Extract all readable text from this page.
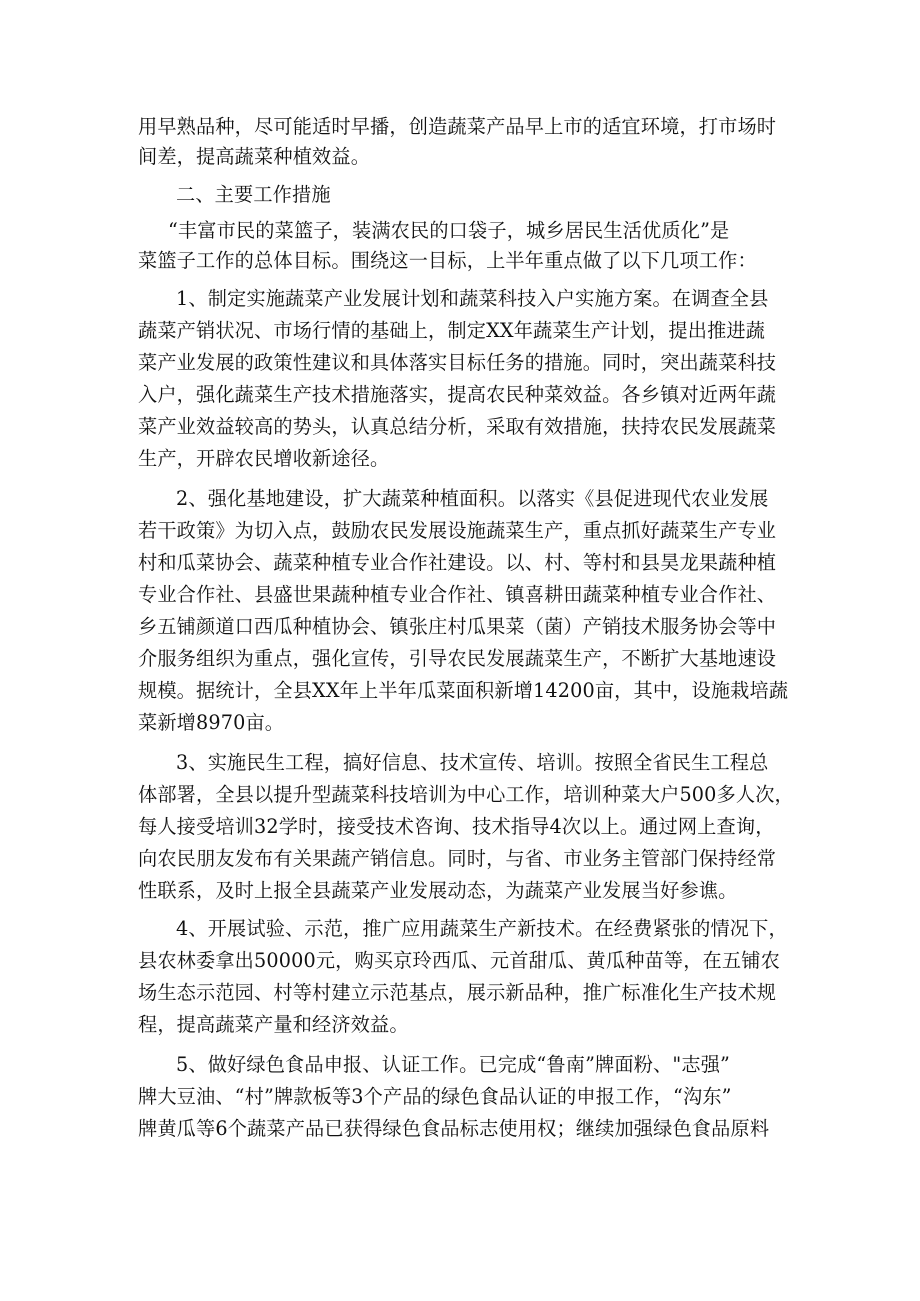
用早熟品种，尽可能适时早播，创造蔬菜产品早上市的适宜环境，打市场时
间差，提高蔬菜种植效益。
二、主要工作措施
“丰富市民的菜篮子，装满农民的口袋子，城乡居民生活优质化”是
菜篮子工作的总体目标。围绕这一目标，上半年重点做了以下几项工作：
1、制定实施蔬菜产业发展计划和蔬菜科技入户实施方案。在调查全县
蔬菜产销状况、市场行情的基础上，制定XX年蔬菜生产计划，提出推进蔬
菜产业发展的政策性建议和具体落实目标任务的措施。同时，突出蔬菜科技
入户，强化蔬菜生产技术措施落实，提高农民种菜效益。各乡镇对近两年蔬
菜产业效益较高的势头，认真总结分析，采取有效措施，扶持农民发展蔬菜
生产，开辟农民增收新途径。
2、强化基地建设，扩大蔬菜种植面积。以落实《县促进现代农业发展
若干政策》为切入点，鼓励农民发展设施蔬菜生产，重点抓好蔬菜生产专业
村和瓜菜协会、蔬菜种植专业合作社建设。以、村、等村和县昊龙果蔬种植
专业合作社、县盛世果蔬种植专业合作社、镇喜耕田蔬菜种植专业合作社、
乡五铺颜道口西瓜种植协会、镇张庄村瓜果菜（菌）产销技术服务协会等中
介服务组织为重点，强化宣传，引导农民发展蔬菜生产，不断扩大基地速设
规模。据统计，全县XX年上半年瓜菜面积新增14200亩，其中，设施栽培蔬
菜新增8970亩。
3、实施民生工程，搞好信息、技术宣传、培训。按照全省民生工程总
体部署，全县以提升型蔬菜科技培训为中心工作，培训种菜大户500多人次，
每人接受培训32学时，接受技术咨询、技术指导4次以上。通过网上查询，
向农民朋友发布有关果蔬产销信息。同时，与省、市业务主管部门保持经常
性联系，及时上报全县蔬菜产业发展动态，为蔬菜产业发展当好参谯。
4、开展试验、示范，推广应用蔬菜生产新技术。在经费紧张的情况下，
县农林委拿出50000元，购买京玲西瓜、元首甜瓜、黄瓜种苗等，在五铺农
场生态示范园、村等村建立示范基点，展示新品种，推广标准化生产技术规
程，提高蔬菜产量和经济效益。
5、做好绿色食品申报、认证工作。已完成“鲁南”牌面粉、"志强”
牌大豆油、“村”牌款板等3个产品的绿色食品认证的申报工作，“沟东”
牌黄瓜等6个蔬菜产品已获得绿色食品标志使用权；继续加强绿色食品原料
